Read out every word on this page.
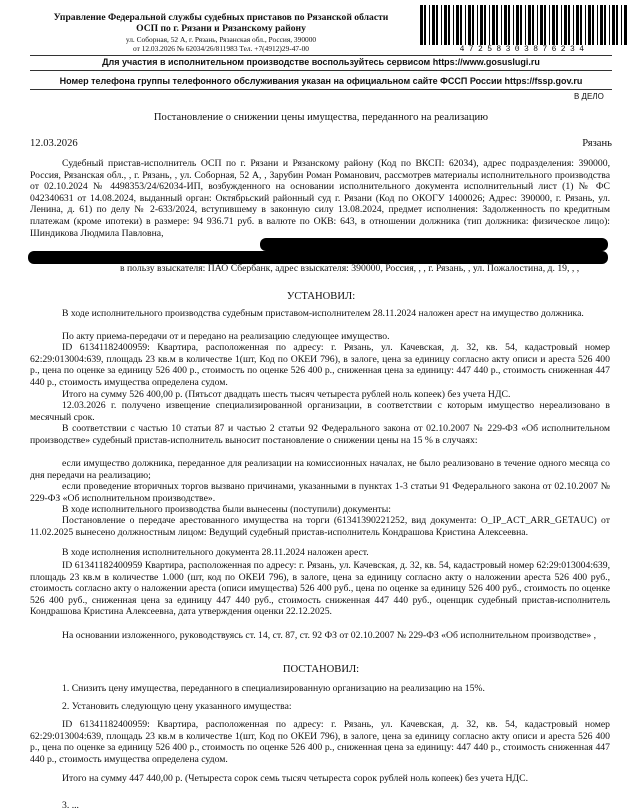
Управление Федеральной службы судебных приставов по Рязанской области
ОСП по г. Рязани и Рязанскому району
ул. Соборная, 52 А, г. Рязань, Рязанская обл., Россия, 390000
от 12.03.2026 № 62034/26/811983 Тел. +7(4912)29-47-00	47258303876234
Для участия в исполнительном производстве воспользуйтесь сервисом https://www.gosuslugi.ru
Номер телефона группы телефонного обслуживания указан на официальном сайте ФССП России https://fssp.gov.ru
В ДЕЛО
Постановление о снижении цены имущества, переданного на реализацию
12.03.2026	Рязань

Судебный пристав-исполнитель ОСП по г. Рязани и Рязанскому району (Код по ВКСП: 62034), адрес подразделения: 390000, Россия, Рязанская обл., , г. Рязань, , ул. Соборная, 52 А, , Зарубин Роман Романович, рассмотрев материалы исполнительного производства от 02.10.2024 № 4498353/24/62034-ИП, возбужденного на основании исполнительного документа исполнительный лист (1) № ФС 042340631 от 14.08.2024, выданный орган: Октябрьский районный суд г. Рязани (Код по ОКОГУ 1400026; Адрес: 390000, г. Рязань, ул. Ленина, д. 61) по делу № 2-633/2024, вступившему в законную силу 13.08.2024, предмет исполнения: Задолженность по кредитным платежам (кроме ипотеки) в размере: 94 936.71 руб. в валюте по ОКВ: 643, в отношении должника (тип должника: физическое лицо): Шиндикова Людмила Павловна,

в пользу взыскателя: ПАО Сбербанк, адрес взыскателя: 390000, Россия, , , г. Рязань, , ул. Пожалостина, д. 19, , ,

УСТАНОВИЛ:

В ходе исполнительного производства судебным приставом-исполнителем 28.11.2024 наложен арест на имущество должника.

По акту приема-передачи от и передано на реализацию следующее имущество.

ID 61341182400959: Квартира, расположенная по адресу: г. Рязань, ул. Качевская, д. 32, кв. 54, кадастровый номер 62:29:013004:639, площадь 23 кв.м в количестве 1(шт, Код по ОКЕИ 796), в залоге, цена за единицу согласно акту описи и ареста 526 400 р., цена по оценке за единицу 526 400 р., стоимость по оценке 526 400 р., сниженная цена за единицу: 447 440 р., стоимость сниженная 447 440 р., стоимость имущества определена судом.

Итого на сумму 526 400,00 р. (Пятьсот двадцать шесть тысяч четыреста рублей ноль копеек) без учета НДС.

12.03.2026 г. получено извещение специализированной организации, в соответствии с которым имущество нереализовано в месячный срок.

В соответствии с частью 10 статьи 87 и частью 2 статьи 92 Федерального закона от 02.10.2007 № 229-ФЗ «Об исполнительном производстве» судебный пристав-исполнитель выносит постановление о снижении цены на 15 % в случаях:

если имущество должника, переданное для реализации на комиссионных началах, не было реализовано в течение одного месяца со дня передачи на реализацию;

если проведение вторичных торгов вызвано причинами, указанными в пунктах 1-3 статьи 91 Федерального закона от 02.10.2007 № 229-ФЗ «Об исполнительном производстве».

В ходе исполнительного производства были вынесены (поступили) документы:

Постановление о передаче арестованного имущества на торги (61341390221252, вид документа: O_IP_ACT_ARR_GETAUC) от 11.02.2025 вынесено должностным лицом: Ведущий судебный пристав-исполнитель Кондрашова Кристина Алексеевна.

В ходе исполнения исполнительного документа 28.11.2024 наложен арест.

ID 61341182400959 Квартира, расположенная по адресу: г. Рязань, ул. Качевская, д. 32, кв. 54, кадастровый номер 62:29:013004:639, площадь 23 кв.м в количестве 1.000 (шт, код по ОКЕИ 796), в залоге, цена за единицу согласно акту о наложении ареста 526 400 руб., стоимость согласно акту о наложении ареста (описи имущества) 526 400 руб., цена по оценке за единицу 526 400 руб., стоимость по оценке 526 400 руб., сниженная цена за единицу 447 440 руб., стоимость сниженная 447 440 руб., оценщик судебный пристав-исполнитель Кондрашова Кристина Алексеевна, дата утверждения оценки 22.12.2025.

На основании изложенного, руководствуясь ст. 14, ст. 87, ст. 92 ФЗ от 02.10.2007 № 229-ФЗ «Об исполнительном производстве» ,

ПОСТАНОВИЛ:

1. Снизить цену имущества, переданного в специализированную организацию на реализацию на 15%.

2. Установить следующую цену указанного имущества:

ID 61341182400959: Квартира, расположенная по адресу: г. Рязань, ул. Качевская, д. 32, кв. 54, кадастровый номер 62:29:013004:639, площадь 23 кв.м в количестве 1(шт, Код по ОКЕИ 796), в залоге, цена за единицу согласно акту описи и ареста 526 400 р., цена по оценке за единицу 526 400 р., стоимость по оценке 526 400 р., сниженная цена за единицу: 447 440 р., стоимость сниженная 447 440 р., стоимость имущества определена судом.

Итого на сумму 447 440,00 р. (Четыреста сорок семь тысяч четыреста сорок рублей ноль копеек) без учета НДС.

3. ...
